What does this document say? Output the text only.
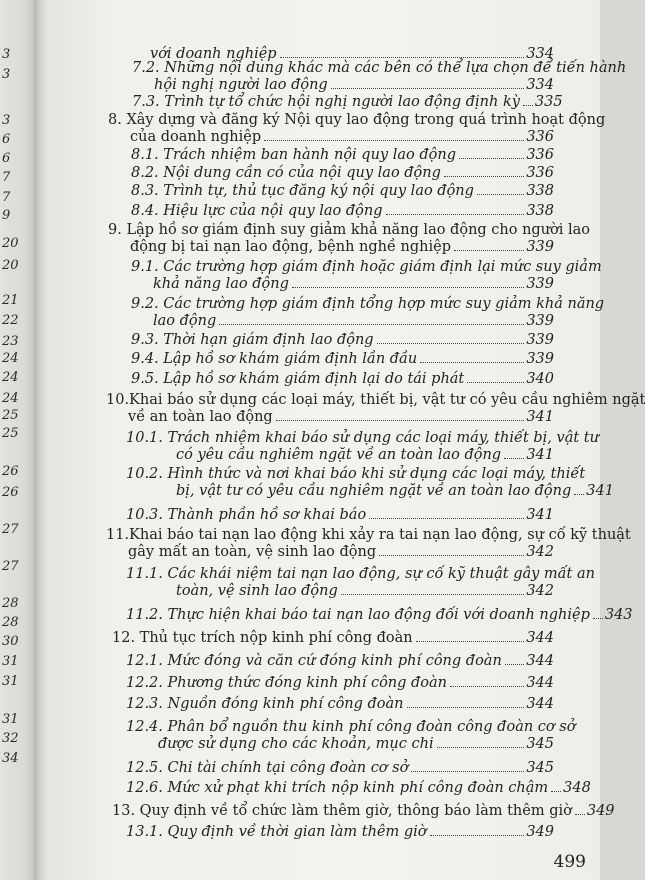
3
3
3
6
6
7
7
9
20
20
21
22
23
24
24
24
25
25
26
26
27
27
28
28
30
31
31
31
32
34
với doanh nghiệp	334
7.2. Những nội dung khác mà các bên có thể lựa chọn để tiến hành
hội nghị người lao động	334
7.3. Trình tự tổ chức hội nghị người lao động định kỳ 335
8. Xây dựng và đăng ký Nội quy lao động trong quá trình hoạt động
của doanh nghiệp	336
8.1. Trách nhiệm ban hành nội quy lao động	336
8.2. Nội dung cần có của nội quy lao động	336
8.3. Trình tự, thủ tục đăng ký nội quy lao động	338
8.4. Hiệu lực của nội quy lao động	338
9. Lập hồ sơ giám định suy giảm khả năng lao động cho người lao
động bị tai nạn lao động, bệnh nghề nghiệp	339
9.1. Các trường hợp giám định hoặc giám định lại mức suy giảm
khả năng lao động	339
9.2. Các trường hợp giám định tổng hợp mức suy giảm khả năng
lao động	339
9.3. Thời hạn giám định lao động	339
9.4. Lập hồ sơ khám giám định lần đầu	339
9.5. Lập hồ sơ khám giám định lại do tái phát	340
10.Khai báo sử dụng các loại máy, thiết bị, vật tư có yêu cầu nghiêm ngặt
về an toàn lao động	341
10.1. Trách nhiệm khai báo sử dụng các loại máy, thiết bị, vật tư
có yêu cầu nghiêm ngặt về an toàn lao động 341
10.2. Hình thức và nơi khai báo khi sử dụng các loại máy, thiết
bị, vật tư có yêu cầu nghiêm ngặt về an toàn lao động 341
10.3. Thành phần hồ sơ khai báo	341
11.Khai báo tai nạn lao động khi xảy ra tai nạn lao động, sự cố kỹ thuật
gây mất an toàn, vệ sinh lao động	342
11.1. Các khái niệm tai nạn lao động, sự cố kỹ thuật gây mất an
toàn, vệ sinh lao động	342
11.2. Thực hiện khai báo tai nạn lao động đối với doanh nghiệp 343
12. Thủ tục trích nộp kinh phí công đoàn	344
12.1. Mức đóng và căn cứ đóng kinh phí công đoàn 344
12.2. Phương thức đóng kinh phí công đoàn	344
12.3. Nguồn đóng kinh phí công đoàn	344
12.4. Phân bổ nguồn thu kinh phí công đoàn công đoàn cơ sở
được sử dụng cho các khoản, mục chi	345
12.5. Chi tài chính tại công đoàn cơ sở	345
12.6. Mức xử phạt khi trích nộp kinh phí công đoàn chậm 348
13. Quy định về tổ chức làm thêm giờ, thông báo làm thêm giờ 349
13.1. Quy định về thời gian làm thêm giờ	349
499
